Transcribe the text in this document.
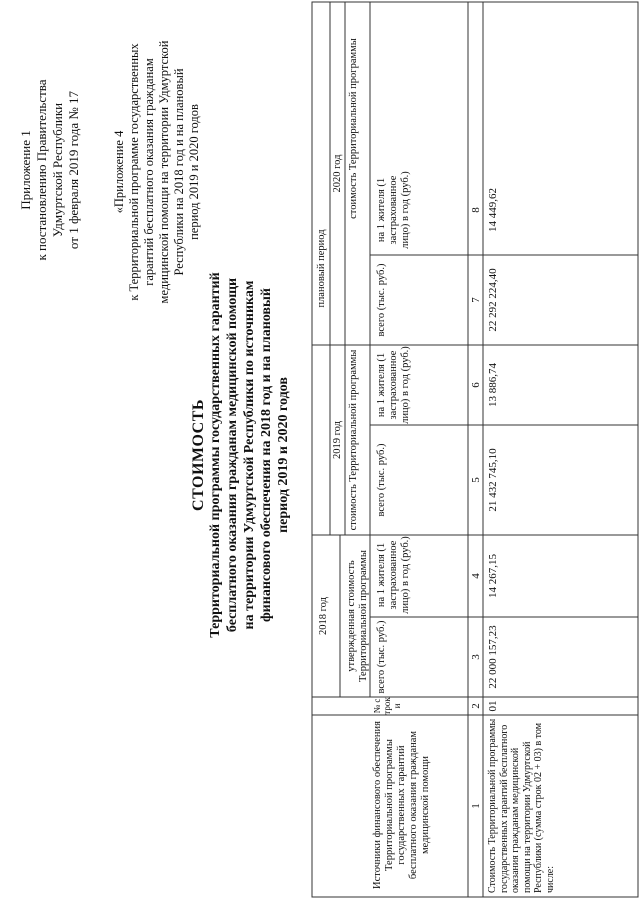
Приложение 1 к постановлению Правительства Удмуртской Республики от 1 февраля 2019 года № 17 «Приложение 4 к Территориальной программе государственных гарантий бесплатного оказания гражданам медицинской помощи на территории Удмуртской Республики на 2018 год и на плановый период 2019 и 2020 годов
СТОИМОСТЬ Территориальной программы государственных гарантий бесплатного оказания гражданам медицинской помощи на территории Удмуртской Республики по источникам финансового обеспечения на 2018 год и на плановый период 2019 и 2020 годов
Источники финансового обеспечения Территориальной программы государственных гарантий бесплатного оказания гражданам медицинской помощи
№ строки
2018 год утвержденная стоимость Территориальной программы
плановый период
2019 год
2020 год
стоимость Территориальной программы
стоимость Территориальной программы
всего (тыс. руб.)
на 1 жителя (1 застрахованное лицо) в год (руб.)
всего (тыс. руб.)
на 1 жителя (1 застрахованное лицо) в год (руб.)
всего (тыс. руб.)
на 1 жителя (1 застрахованное лицо) в год (руб.)
1
2
3
4
5
6
7
8
Стоимость Территориальной программы государственных гарантий бесплатного оказания гражданам медицинской помощи на территории Удмуртской Республики (сумма строк 02 + 03) в том числе:
01
22 000 157,23
14 267,15
21 432 745,10
13 886,74
22 292 224,40
14 449,62
